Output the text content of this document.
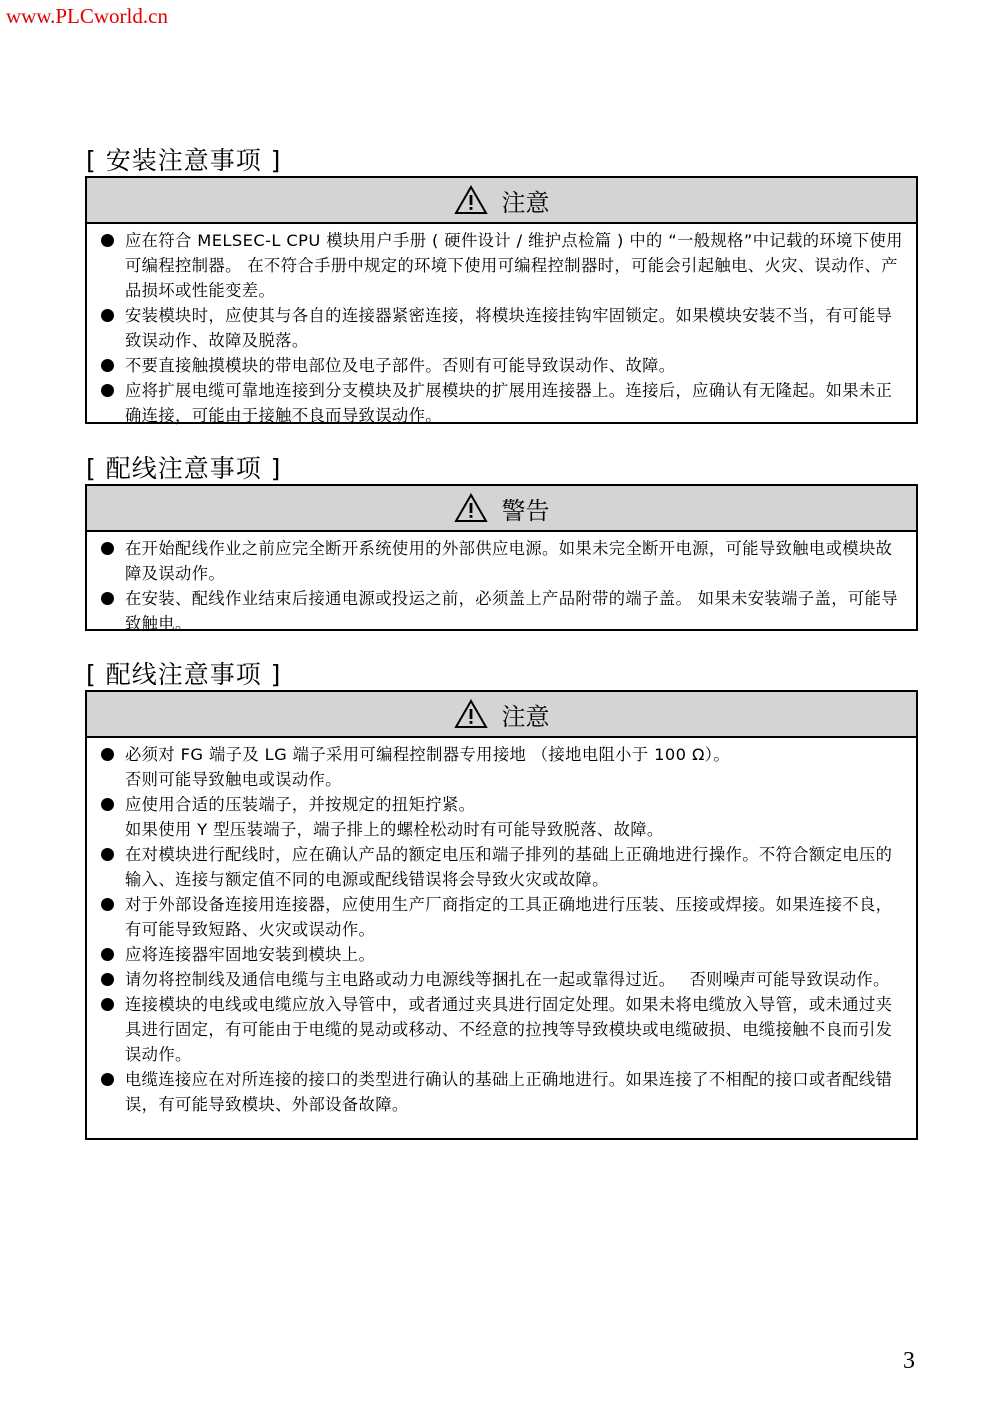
www.PLCworld.cn
[ 安装注意事项 ]
注意
应在符合 MELSEC-L CPU 模块用户手册 ( 硬件设计 / 维护点检篇 ) 中的 “一般规格”中记载的环境下使用可编程控制器。 在不符合手册中规定的环境下使用可编程控制器时，可能会引起触电、火灾、误动作、产品损坏或性能变差。
安装模块时，应使其与各自的连接器紧密连接，将模块连接挂钩牢固锁定。如果模块安装不当，有可能导致误动作、故障及脱落。
不要直接触摸模块的带电部位及电子部件。否则有可能导致误动作、故障。
应将扩展电缆可靠地连接到分支模块及扩展模块的扩展用连接器上。连接后，应确认有无隆起。如果未正确连接，可能由于接触不良而导致误动作。
[ 配线注意事项 ]
警告
在开始配线作业之前应完全断开系统使用的外部供应电源。如果未完全断开电源，可能导致触电或模块故障及误动作。
在安装、配线作业结束后接通电源或投运之前，必须盖上产品附带的端子盖。 如果未安装端子盖，可能导致触电。
[ 配线注意事项 ]
注意
必须对 FG 端子及 LG 端子采用可编程控制器专用接地 （接地电阻小于 100 Ω）。
否则可能导致触电或误动作。
应使用合适的压装端子，并按规定的扭矩拧紧。
如果使用 Y 型压装端子，端子排上的螺栓松动时有可能导致脱落、故障。
在对模块进行配线时，应在确认产品的额定电压和端子排列的基础上正确地进行操作。不符合额定电压的输入、连接与额定值不同的电源或配线错误将会导致火灾或故障。
对于外部设备连接用连接器，应使用生产厂商指定的工具正确地进行压装、压接或焊接。如果连接不良，有可能导致短路、火灾或误动作。
应将连接器牢固地安装到模块上。
请勿将控制线及通信电缆与主电路或动力电源线等捆扎在一起或靠得过近。　 否则噪声可能导致误动作。
连接模块的电线或电缆应放入导管中，或者通过夹具进行固定处理。如果未将电缆放入导管，或未通过夹具进行固定，有可能由于电缆的晃动或移动、不经意的拉拽等导致模块或电缆破损、电缆接触不良而引发误动作。
电缆连接应在对所连接的接口的类型进行确认的基础上正确地进行。如果连接了不相配的接口或者配线错误，有可能导致模块、外部设备故障。
3
